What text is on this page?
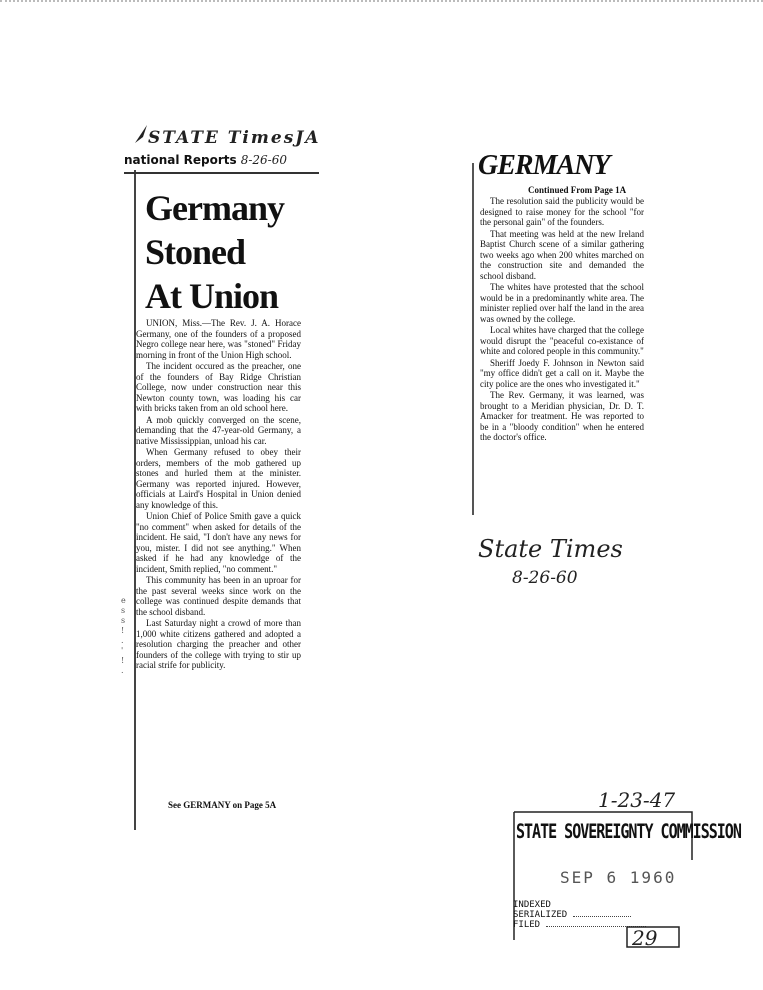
STATE TimesJA
national Reports 8-26-60
Germany
Stoned
At Union

UNION, Miss.—The Rev. J. A. Horace Germany, one of the founders of a proposed Negro college near here, was "stoned" Friday morning in front of the Union High school.

The incident occured as the preacher, one of the founders of Bay Ridge Christian College, now under construction near this Newton county town, was loading his car with bricks taken from an old school here.

A mob quickly converged on the scene, demanding that the 47-year-old Germany, a native Mississippian, unload his car.

When Germany refused to obey their orders, members of the mob gathered up stones and hurled them at the minister. Germany was reported injured. However, officials at Laird's Hospital in Union denied any knowledge of this.

Union Chief of Police Smith gave a quick "no comment" when asked for details of the incident. He said, "I don't have any news for you, mister. I did not see anything." When asked if he had any knowledge of the incident, Smith replied, "no comment."

This community has been in an uproar for the past several weeks since work on the college was continued despite demands that the school disband.

Last Saturday night a crowd of more than 1,000 white citizens gathered and adopted a resolution charging the preacher and other founders of the college with trying to stir up racial strife for publicity.

e
s
s
!
.
'
!
.
See GERMANY on Page 5A
GERMANY
Continued From Page 1A

The resolution said the publicity would be designed to raise money for the school "for the personal gain" of the founders.

That meeting was held at the new Ireland Baptist Church scene of a similar gathering two weeks ago when 200 whites marched on the construction site and demanded the school disband.

The whites have protested that the school would be in a predominantly white area. The minister replied over half the land in the area was owned by the college.

Local whites have charged that the college would disrupt the "peaceful co-existance of white and colored people in this community."

Sheriff Joedy F. Johnson in Newton said "my office didn't get a call on it. Maybe the city police are the ones who investigated it."

The Rev. Germany, it was learned, was brought to a Meridian physician, Dr. D. T. Amacker for treatment. He was reported to be in a "bloody condition" when he entered the doctor's office.

State Times
8-26-60
1-23-47
STATE SOVEREIGNTY COMMISSION
SEP 6 1960
INDEXED
SERIALIZED
FILED
29
